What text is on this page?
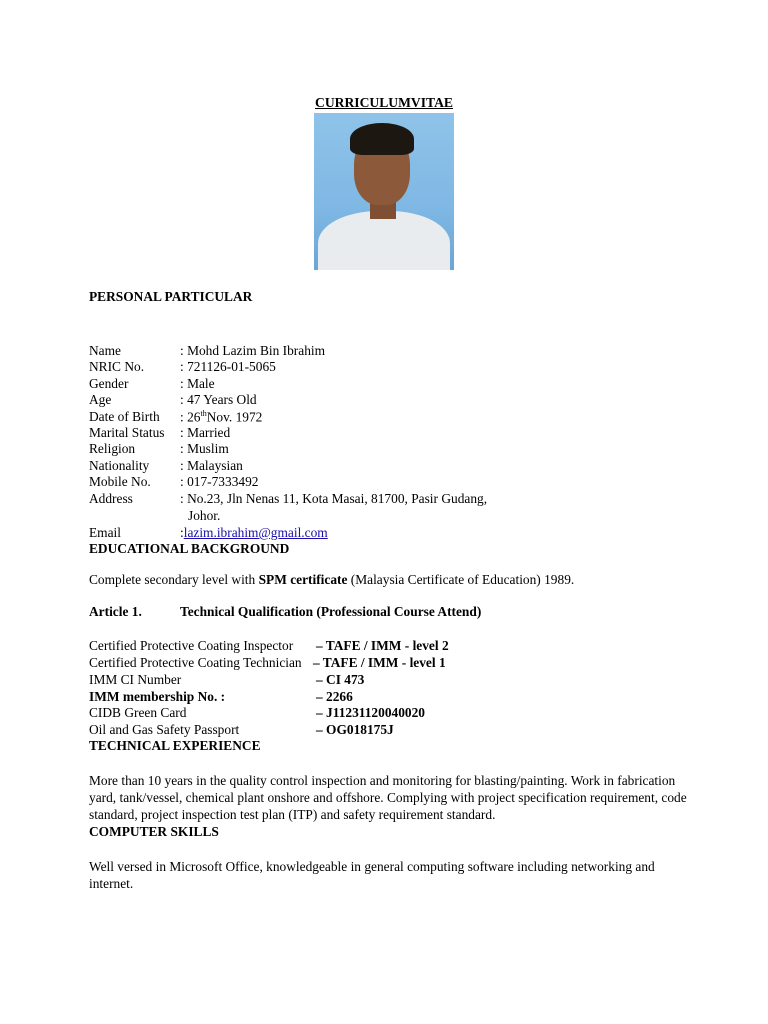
CURRICULUMVITAE
PERSONAL PARTICULAR
Name	: Mohd Lazim Bin Ibrahim
NRIC No.	: 721126-01-5065
Gender	: Male
Age	: 47 Years Old
Date of Birth : 26thNov. 1972
Marital Status : Married
Religion	: Muslim
Nationality : Malaysian
Mobile No. : 017-7333492
Address	: No.23, Jln Nenas 11, Kota Masai, 81700, Pasir Gudang,
Johor.
Email	:lazim.ibrahim@gmail.com
EDUCATIONAL BACKGROUND
Complete secondary level with SPM certificate (Malaysia Certificate of Education) 1989.
Article 1.	Technical Qualification (Professional Course Attend)
Certified Protective Coating Inspector – TAFE / IMM - level 2
Certified Protective Coating Technician – TAFE / IMM - level 1
IMM CI Number	– CI 473
IMM membership No. :	– 2266
CIDB Green Card	– J11231120040020
Oil and Gas Safety Passport	– OG018175J
TECHNICAL EXPERIENCE
More than 10 years in the quality control inspection and monitoring for blasting/painting. Work in fabrication yard, tank/vessel, chemical plant onshore and offshore. Complying with project specification requirement, code standard, project inspection test plan (ITP) and safety requirement standard.
COMPUTER SKILLS
Well versed in Microsoft Office, knowledgeable in general computing software including networking and internet.
